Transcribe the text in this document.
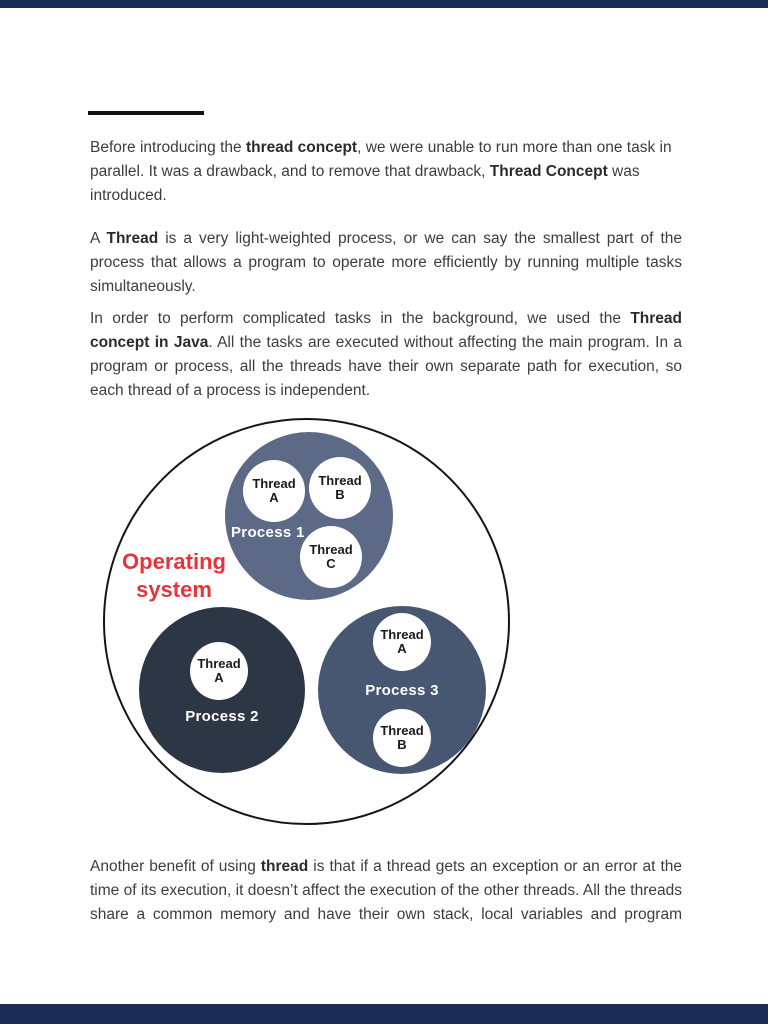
Before introducing the thread concept, we were unable to run more than one task in parallel. It was a drawback, and to remove that drawback, Thread Concept was introduced.

A Thread is a very light-weighted process, or we can say the smallest part of the process that allows a program to operate more efficiently by running multiple tasks simultaneously.

In order to perform complicated tasks in the background, we used the Thread concept in Java. All the tasks are executed without affecting the main program. In a program or process, all the threads have their own separate path for execution, so each thread of a process is independent.

Operating
system
Thread
A
Thread
B
Thread
C
Thread
A
Thread
A
Thread
B
Process 1
Process 2
Process 3

Another benefit of using thread is that if a thread gets an exception or an error at the time of its execution, it doesn’t affect the execution of the other threads. All the threads share a common memory and have their own stack, local variables and program
